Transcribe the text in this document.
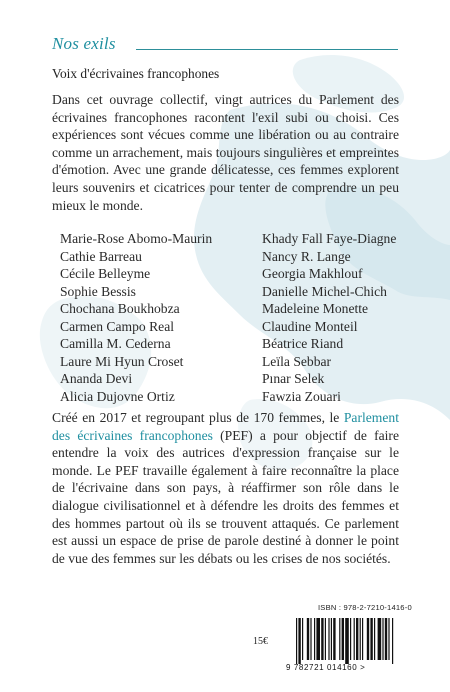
Nos exils
Voix d'écrivaines francophones

Dans cet ouvrage collectif, vingt autrices du Parlement des écrivaines francophones racontent l'exil subi ou choisi. Ces expériences sont vécues comme une libération ou au contraire comme un arrachement, mais toujours singulières et empreintes d'émotion. Avec une grande délicatesse, ces femmes explorent leurs souvenirs et cicatrices pour tenter de comprendre un peu mieux le monde.

Marie-Rose Abomo-Maurin
Cathie Barreau
Cécile Belleyme
Sophie Bessis
Chochana Boukhobza
Carmen Campo Real
Camilla M. Cederna
Laure Mi Hyun Croset
Ananda Devi
Alicia Dujovne Ortiz
Khady Fall Faye-Diagne
Nancy R. Lange
Georgia Makhlouf
Danielle Michel-Chich
Madeleine Monette
Claudine Monteil
Béatrice Riand
Leïla Sebbar
Pınar Selek
Fawzia Zouari

Créé en 2017 et regroupant plus de 170 femmes, le Parlement des écrivaines francophones (PEF) a pour objectif de faire entendre la voix des autrices d'expression française sur le monde. Le PEF travaille également à faire reconnaître la place de l'écrivaine dans son pays, à réaffirmer son rôle dans le dialogue civilisationnel et à défendre les droits des femmes et des hommes partout où ils se trouvent attaqués. Ce parlement est aussi un espace de prise de parole destiné à donner le point de vue des femmes sur les débats ou les crises de nos sociétés.

ISBN : 978-2-7210-1416-0
15€
9 782721 014160 >
